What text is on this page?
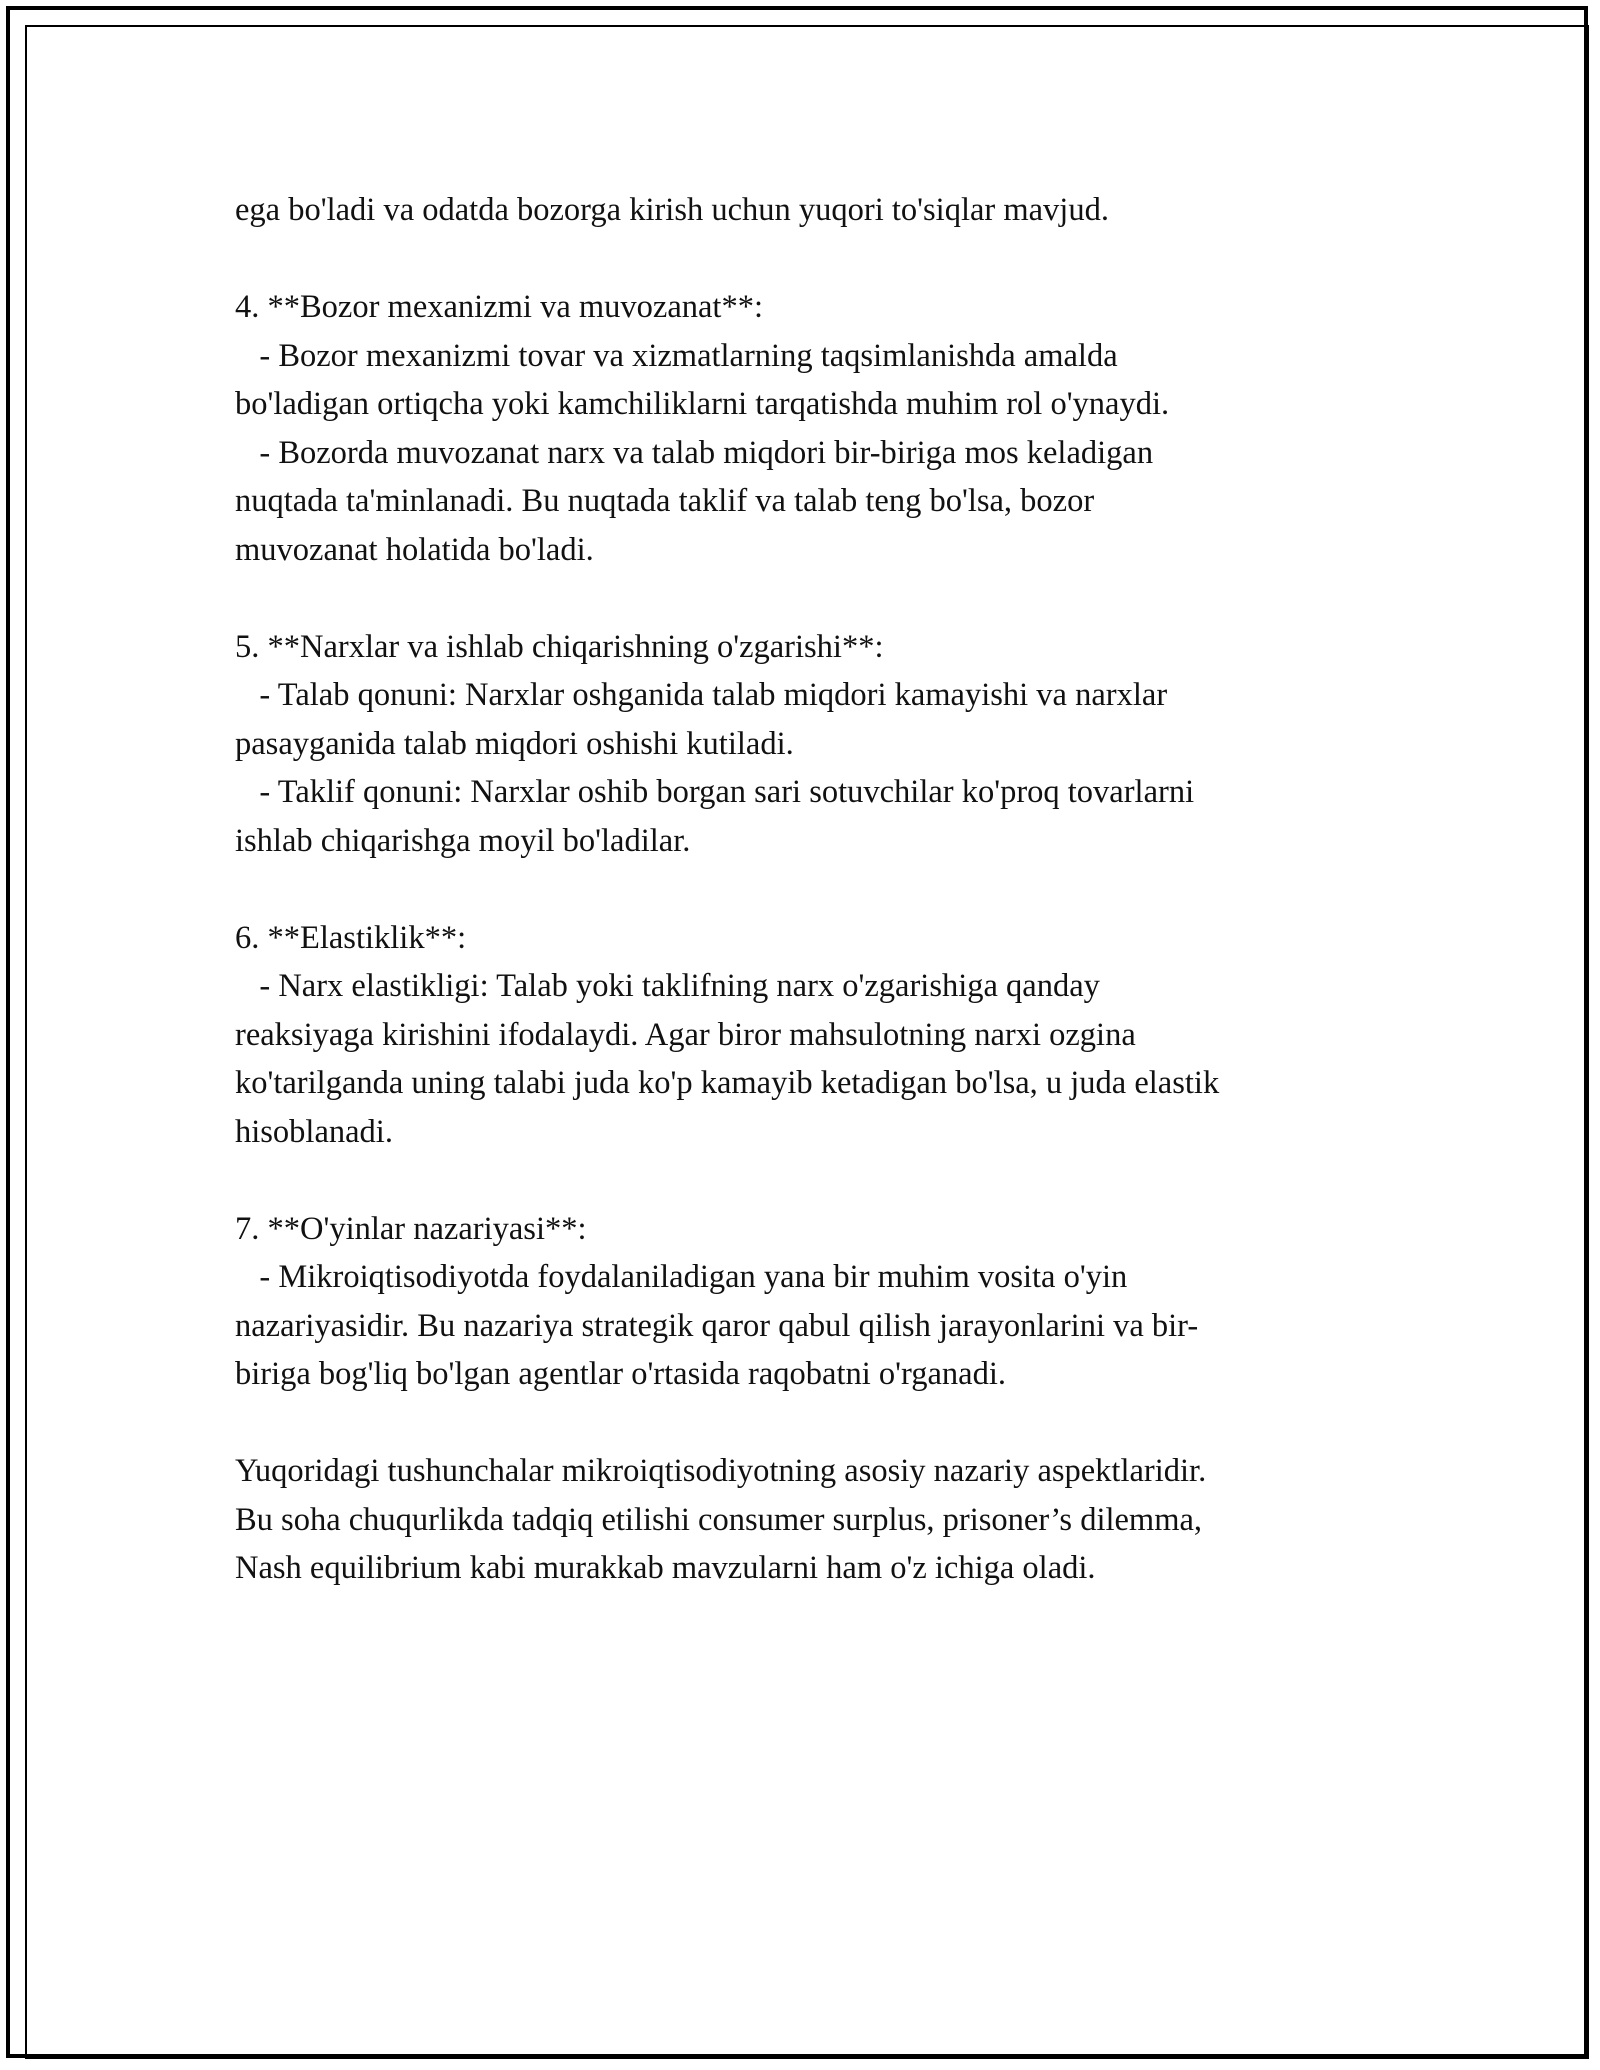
ega bo'ladi va odatda bozorga kirish uchun yuqori to'siqlar mavjud.
4. **Bozor mexanizmi va muvozanat**:
- Bozor mexanizmi tovar va xizmatlarning taqsimlanishda amalda
bo'ladigan ortiqcha yoki kamchiliklarni tarqatishda muhim rol o'ynaydi.
- Bozorda muvozanat narx va talab miqdori bir-biriga mos keladigan
nuqtada ta'minlanadi. Bu nuqtada taklif va talab teng bo'lsa, bozor
muvozanat holatida bo'ladi.
5. **Narxlar va ishlab chiqarishning o'zgarishi**:
- Talab qonuni: Narxlar oshganida talab miqdori kamayishi va narxlar
pasayganida talab miqdori oshishi kutiladi.
- Taklif qonuni: Narxlar oshib borgan sari sotuvchilar ko'proq tovarlarni
ishlab chiqarishga moyil bo'ladilar.
6. **Elastiklik**:
- Narx elastikligi: Talab yoki taklifning narx o'zgarishiga qanday
reaksiyaga kirishini ifodalaydi. Agar biror mahsulotning narxi ozgina
ko'tarilganda uning talabi juda ko'p kamayib ketadigan bo'lsa, u juda elastik
hisoblanadi.
7. **O'yinlar nazariyasi**:
- Mikroiqtisodiyotda foydalaniladigan yana bir muhim vosita o'yin
nazariyasidir. Bu nazariya strategik qaror qabul qilish jarayonlarini va bir-
biriga bog'liq bo'lgan agentlar o'rtasida raqobatni o'rganadi.
Yuqoridagi tushunchalar mikroiqtisodiyotning asosiy nazariy aspektlaridir.
Bu soha chuqurlikda tadqiq etilishi consumer surplus, prisoner’s dilemma,
Nash equilibrium kabi murakkab mavzularni ham o'z ichiga oladi.
